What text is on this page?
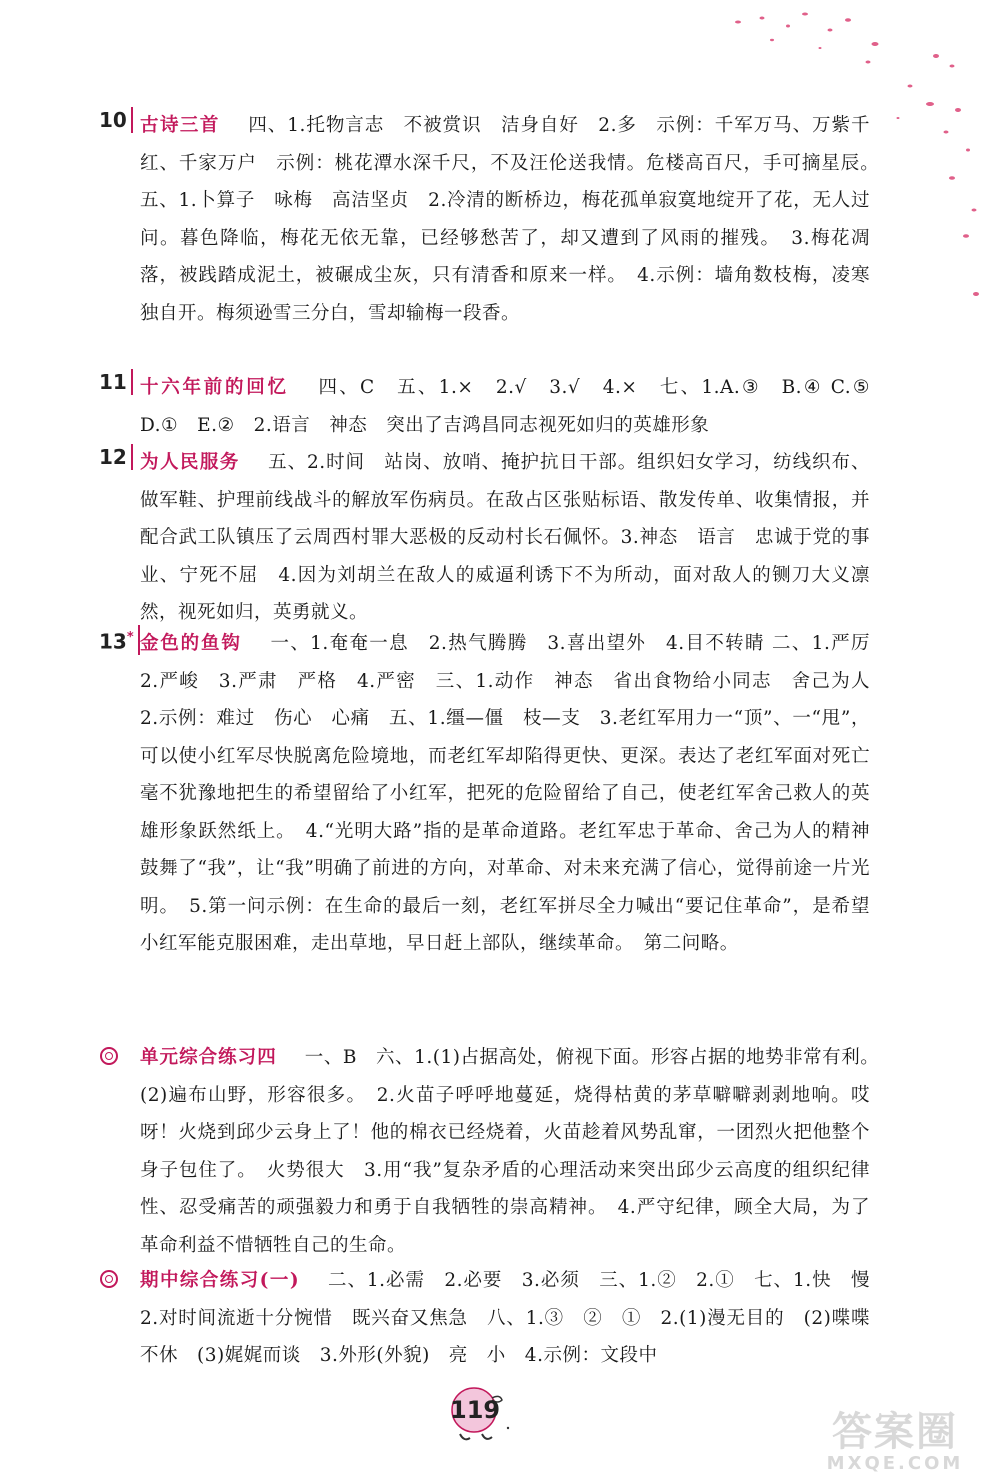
10 古诗三首 四、1.托物言志　不被赏识　洁身自好　2.多　示例：千军万马、万紫千红、千家万户　示例：桃花潭水深千尺，不及汪伦送我情。危楼高百尺，手可摘星辰。　五、1.卜算子　咏梅　高洁坚贞　2.冷清的断桥边，梅花孤单寂寞地绽开了花，无人过问。暮色降临，梅花无依无靠，已经够愁苦了，却又遭到了风雨的摧残。　3.梅花凋落，被践踏成泥土，被碾成尘灰，只有清香和原来一样。　4.示例：墙角数枝梅，凌寒独自开。梅须逊雪三分白，雪却输梅一段香。
11 十六年前的回忆 四、C　五、1.×　2.√　3.√　4.×　七、1.A.③　B.④ C.⑤　D.①　E.②　2.语言　神态　突出了吉鸿昌同志视死如归的英雄形象
12 为人民服务 五、2.时间　站岗、放哨、掩护抗日干部。组织妇女学习，纺线织布、做军鞋、护理前线战斗的解放军伤病员。在敌占区张贴标语、散发传单、收集情报，并配合武工队镇压了云周西村罪大恶极的反动村长石佩怀。3.神态　语言　忠诚于党的事业、宁死不屈　4.因为刘胡兰在敌人的威逼利诱下不为所动，面对敌人的铡刀大义凛然，视死如归，英勇就义。
13* 金色的鱼钩 一、1.奄奄一息　2.热气腾腾　3.喜出望外　4.目不转睛 二、1.严厉　2.严峻　3.严肃　严格　4.严密　三、1.动作　神态　省出食物给小同志　舍己为人　2.示例：难过　伤心　心痛　五、1.缰—僵　枝—支　3.老红军用力一“顶”、一“甩”，可以使小红军尽快脱离危险境地，而老红军却陷得更快、更深。表达了老红军面对死亡毫不犹豫地把生的希望留给了小红军，把死的危险留给了自己，使老红军舍己救人的英雄形象跃然纸上。　4.“光明大路”指的是革命道路。老红军忠于革命、舍己为人的精神鼓舞了“我”，让“我”明确了前进的方向，对革命、对未来充满了信心，觉得前途一片光明。　5.第一问示例：在生命的最后一刻，老红军拼尽全力喊出“要记住革命”，是希望小红军能克服困难，走出草地，早日赶上部队，继续革命。　第二问略。
单元综合练习四 一、B　六、1.(1)占据高处，俯视下面。形容占据的地势非常有利。　(2)遍布山野，形容很多。　2.火苗子呼呼地蔓延，烧得枯黄的茅草噼噼剥剥地响。哎呀！火烧到邱少云身上了！他的棉衣已经烧着，火苗趁着风势乱窜，一团烈火把他整个身子包住了。　火势很大　3.用“我”复杂矛盾的心理活动来突出邱少云高度的组织纪律性、忍受痛苦的顽强毅力和勇于自我牺牲的崇高精神。　4.严守纪律，顾全大局，为了革命利益不惜牺牲自己的生命。
期中综合练习(一) 二、1.必需　2.必要　3.必须　三、1.②　2.①　七、1.快　慢　2.对时间流逝十分惋惜　既兴奋又焦急　八、1.③　②　①　2.(1)漫无目的　(2)喋喋不休　(3)娓娓而谈　3.外形(外貌)　亮　小　4.示例：文段中
119	答案圈
MXQE.COM
